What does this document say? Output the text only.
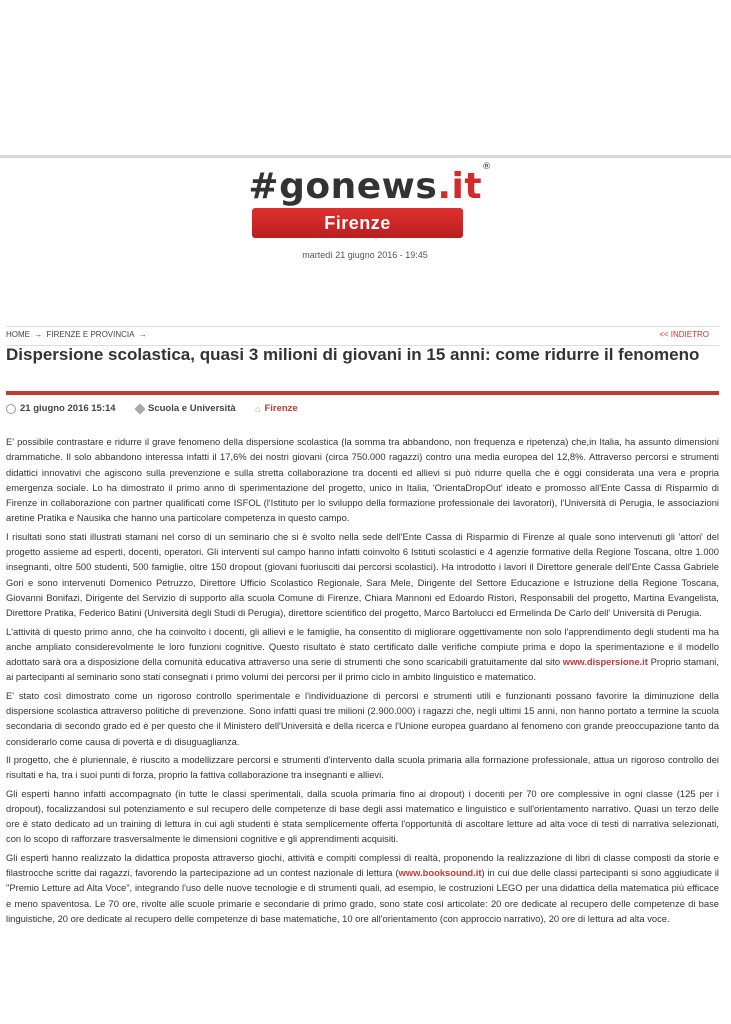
#gonews.it®
Firenze
martedì 21 giugno 2016 - 19:45
HOME → FIRENZE E PROVINCIA →	<< INDIETRO
Dispersione scolastica, quasi 3 milioni di giovani in 15 anni: come ridurre il fenomeno
21 giugno 2016 15:14	Scuola e Università ⌂ Firenze

E' possibile contrastare e ridurre il grave fenomeno della dispersione scolastica (la somma tra abbandono, non frequenza e ripetenza) che,in Italia, ha assunto dimensioni drammatiche. Il solo abbandono interessa infatti il 17,6% dei nostri giovani (circa 750.000 ragazzi) contro una media europea del 12,8%. Attraverso percorsi e strumenti didattici innovativi che agiscono sulla prevenzione e sulla stretta collaborazione tra docenti ed allievi si può ridurre quella che è oggi considerata una vera e propria emergenza sociale. Lo ha dimostrato il primo anno di sperimentazione del progetto, unico in Italia, 'OrientaDropOut' ideato e promosso all'Ente Cassa di Risparmio di Firenze in collaborazione con partner qualificati come ISFOL (l'Istituto per lo sviluppo della formazione professionale dei lavoratori), l'Università di Perugia, le associazioni aretine Pratika e Nausika che hanno una particolare competenza in questo campo.

I risultati sono stati illustrati stamani nel corso di un seminario che si è svolto nella sede dell'Ente Cassa di Risparmio di Firenze al quale sono intervenuti gli 'attori' del progetto assieme ad esperti, docenti, operatori. Gli interventi sul campo hanno infatti coinvolto 6 Istituti scolastici e 4 agenzie formative della Regione Toscana, oltre 1.000 insegnanti, oltre 500 studenti, 500 famiglie, oltre 150 dropout (giovani fuoriusciti dai percorsi scolastici). Ha introdotto i lavori il Direttore generale dell'Ente Cassa Gabriele Gori e sono intervenuti Domenico Petruzzo, Direttore Ufficio Scolastico Regionale, Sara Mele, Dirigente del Settore Educazione e Istruzione della Regione Toscana, Giovanni Bonifazi, Dirigente del Servizio di supporto alla scuola Comune di Firenze, Chiara Mannoni ed Edoardo Ristori, Responsabili del progetto, Martina Evangelista, Direttore Pratika, Federico Batini (Università degli Studi di Perugia), direttore scientifico del progetto, Marco Bartolucci ed Ermelinda De Carlo dell' Università di Perugia.

L'attività di questo primo anno, che ha coinvolto i docenti, gli allievi e le famiglie, ha consentito di migliorare oggettivamente non solo l'apprendimento degli studenti ma ha anche ampliato considerevolmente le loro funzioni cognitive. Questo risultato è stato certificato dalle verifiche compiute prima e dopo la sperimentazione e il modello adottato sarà ora a disposizione della comunità educativa attraverso una serie di strumenti che sono scaricabili gratuitamente dal sito www.dispersione.it Proprio stamani, ai partecipanti al seminario sono stati consegnati i primo volumi dei percorsi per il primo ciclo in ambito linguistico e matematico.

E' stato così dimostrato come un rigoroso controllo sperimentale e l'individuazione di percorsi e strumenti utili e funzionanti possano favorire la diminuzione della dispersione scolastica attraverso politiche di prevenzione. Sono infatti quasi tre milioni (2.900.000) i ragazzi che, negli ultimi 15 anni, non hanno portato a termine la scuola secondaria di secondo grado ed è per questo che il Ministero dell'Università e della ricerca e l'Unione europea guardano al fenomeno con grande preoccupazione tanto da considerarlo come causa di povertà e di disuguaglianza.

Il progetto, che è pluriennale, è riuscito a modellizzare percorsi e strumenti d'intervento dalla scuola primaria alla formazione professionale, attua un rigoroso controllo dei risultati e ha, tra i suoi punti di forza, proprio la fattiva collaborazione tra insegnanti e allievi.

Gli esperti hanno infatti accompagnato (in tutte le classi sperimentali, dalla scuola primaria fino ai dropout) i docenti per 70 ore complessive in ogni classe (125 per i dropout), focalizzandosi sul potenziamento e sul recupero delle competenze di base degli assi matematico e linguistico e sull'orientamento narrativo. Quasi un terzo delle ore è stato dedicato ad un training di lettura in cui agli studenti è stata semplicemente offerta l'opportunità di ascoltare letture ad alta voce di testi di narrativa selezionati, con lo scopo di rafforzare trasversalmente le dimensioni cognitive e gli apprendimenti acquisiti.

Gli esperti hanno realizzato la didattica proposta attraverso giochi, attività e compiti complessi di realtà, proponendo la realizzazione di libri di classe composti da storie e filastrocche scritte dai ragazzi, favorendo la partecipazione ad un contest nazionale di lettura (www.booksound.it) in cui due delle classi partecipanti si sono aggiudicate il "Premio Letture ad Alta Voce", integrando l'uso delle nuove tecnologie e di strumenti quali, ad esempio, le costruzioni LEGO per una didattica della matematica più efficace e meno spaventosa. Le 70 ore, rivolte alle scuole primarie e secondarie di primo grado, sono state così articolate: 20 ore dedicate al recupero delle competenze di base linguistiche, 20 ore dedicate al recupero delle competenze di base matematiche, 10 ore all'orientamento (con approccio narrativo), 20 ore di lettura ad alta voce.
